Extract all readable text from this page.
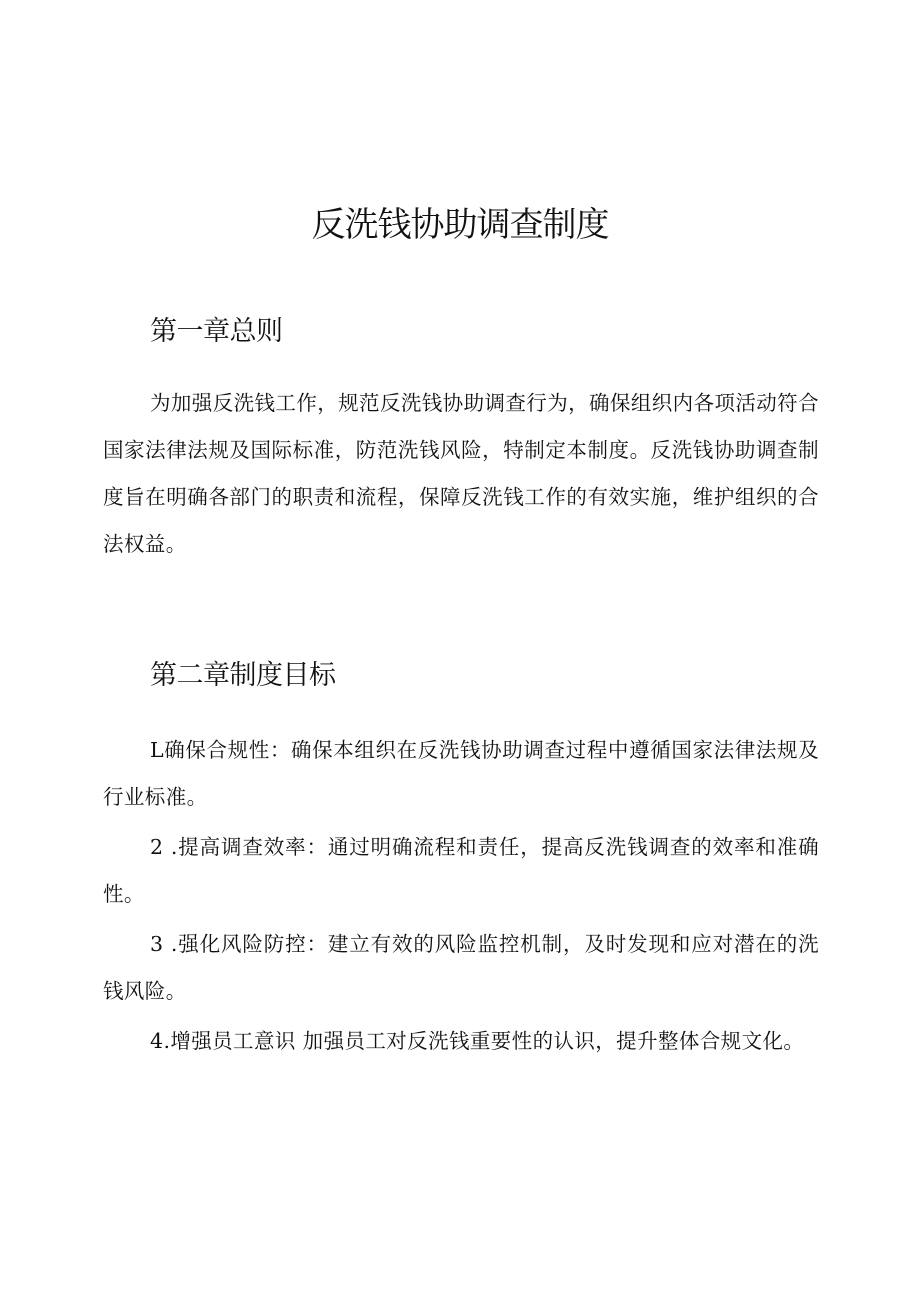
反洗钱协助调查制度
第一章总则

为加强反洗钱工作，规范反洗钱协助调查行为，确保组织内各项活动符合国家法律法规及国际标准，防范洗钱风险，特制定本制度。反洗钱协助调查制度旨在明确各部门的职责和流程，保障反洗钱工作的有效实施，维护组织的合法权益。

第二章制度目标

L确保合规性：确保本组织在反洗钱协助调查过程中遵循国家法律法规及行业标准。

2 .提高调查效率：通过明确流程和责任，提高反洗钱调查的效率和准确性。

3 .强化风险防控：建立有效的风险监控机制，及时发现和应对潜在的洗钱风险。

4.增强员工意识 加强员工对反洗钱重要性的认识，提升整体合规文化。
